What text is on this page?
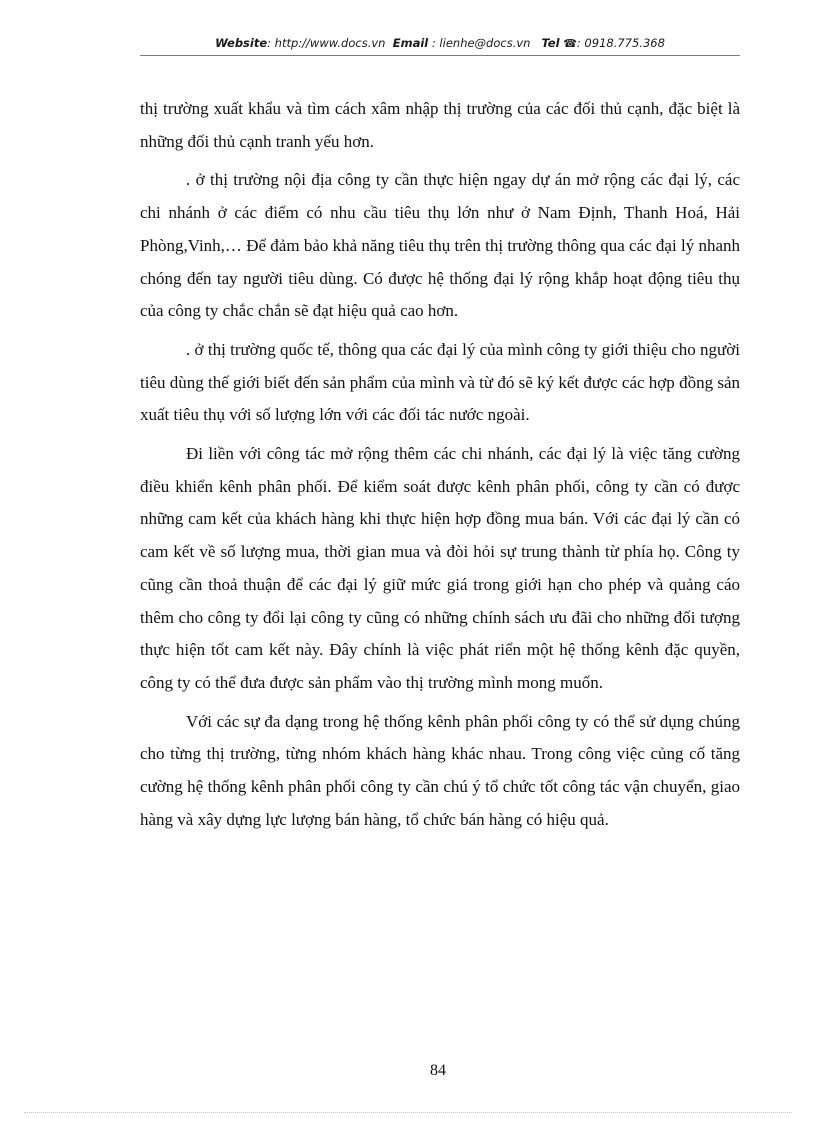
Website: http://www.docs.vn Email : lienhe@docs.vn Tel ☎: 0918.775.368

thị trường xuất khẩu và tìm cách xâm nhập thị trường của các đối thủ cạnh, đặc biệt là những đối thủ cạnh tranh yếu hơn.

. ở thị trường nội địa công ty cần thực hiện ngay dự án mở rộng các đại lý, các chi nhánh ở các điểm có nhu cầu tiêu thụ lớn như ở Nam Định, Thanh Hoá, Hải Phòng,Vinh,… Để đảm bảo khả năng tiêu thụ trên thị trường thông qua các đại lý nhanh chóng đến tay người tiêu dùng. Có được hệ thống đại lý rộng khắp hoạt động tiêu thụ của công ty chắc chắn sẽ đạt hiệu quả cao hơn.

. ở thị trường quốc tế, thông qua các đại lý của mình công ty giới thiệu cho người tiêu dùng thế giới biết đến sản phẩm của mình và từ đó sẽ ký kết được các hợp đồng sản xuất tiêu thụ với số lượng lớn với các đối tác nước ngoài.

Đi liền với công tác mở rộng thêm các chi nhánh, các đại lý là việc tăng cường điều khiển kênh phân phối. Để kiểm soát được kênh phân phối, công ty cần có được những cam kết của khách hàng khi thực hiện hợp đồng mua bán. Với các đại lý cần có cam kết về số lượng mua, thời gian mua và đòi hỏi sự trung thành từ phía họ. Công ty cũng cần thoả thuận để các đại lý giữ mức giá trong giới hạn cho phép và quảng cáo thêm cho công ty đổi lại công ty cũng có những chính sách ưu đãi cho những đối tượng thực hiện tốt cam kết này. Đây chính là việc phát riển một hệ thống kênh đặc quyền, công ty có thể đưa được sản phẩm vào thị trường mình mong muốn.

Với các sự đa dạng trong hệ thống kênh phân phối công ty có thể sử dụng chúng cho từng thị trường, từng nhóm khách hàng khác nhau. Trong công việc củng cố tăng cường hệ thống kênh phân phối công ty cần chú ý tổ chức tốt công tác vận chuyển, giao hàng và xây dựng lực lượng bán hàng, tổ chức bán hàng có hiệu quả.

84
